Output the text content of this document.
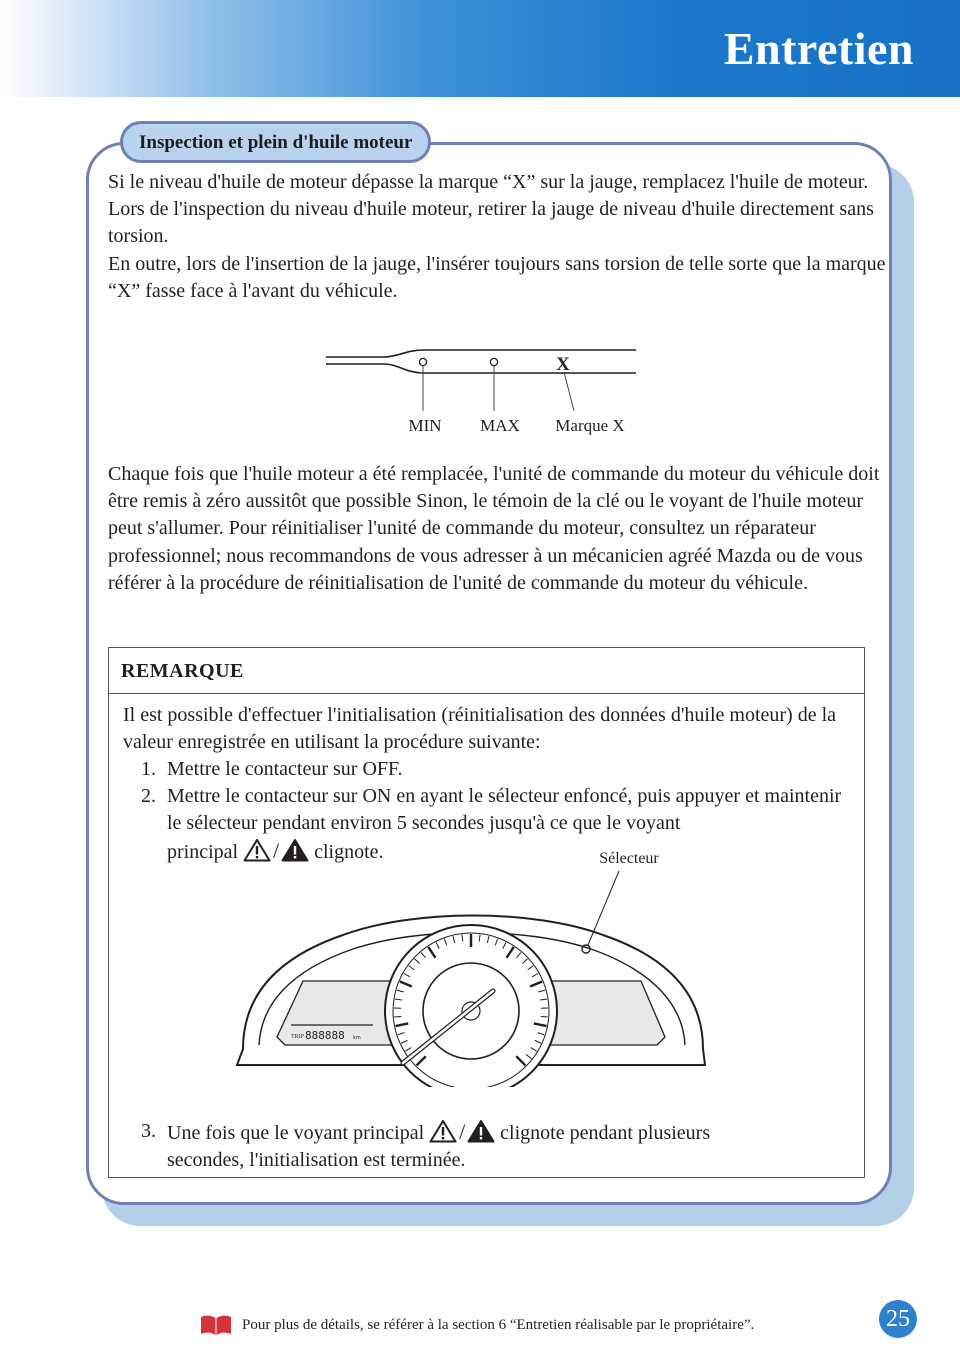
Entretien
Inspection et plein d'huile moteur

Si le niveau d'huile de moteur dépasse la marque “X” sur la jauge, remplacez l'huile de moteur.

Lors de l'inspection du niveau d'huile moteur, retirer la jauge de niveau d'huile directement sans torsion.

En outre, lors de l'insertion de la jauge, l'insérer toujours sans torsion de telle sorte que la marque “X” fasse face à l'avant du véhicule.

X
MIN MAX Marque X

Chaque fois que l'huile moteur a été remplacée, l'unité de commande du moteur du véhicule doit être remis à zéro aussitôt que possible Sinon, le témoin de la clé ou le voyant de l'huile moteur peut s'allumer. Pour réinitialiser l'unité de commande du moteur, consultez un réparateur professionnel; nous recommandons de vous adresser à un mécanicien agréé Mazda ou de vous référer à la procédure de réinitialisation de l'unité de commande du moteur du véhicule.

REMARQUE

Il est possible d'effectuer l'initialisation (réinitialisation des données d'huile moteur) de la valeur enregistrée en utilisant la procédure suivante:

1. Mettre le contacteur sur OFF.
2. Mettre le contacteur sur ON en ayant le sélecteur enfoncé, puis appuyer et maintenir le sélecteur pendant environ 5 secondes jusqu'à ce que le voyant
principal / clignote.	Sélecteur
TRIP 888888 km
3. Une fois que le voyant principal / clignote pendant plusieurs
secondes, l'initialisation est terminée.
Pour plus de détails, se référer à la section 6 “Entretien réalisable par le propriétaire”.	25
